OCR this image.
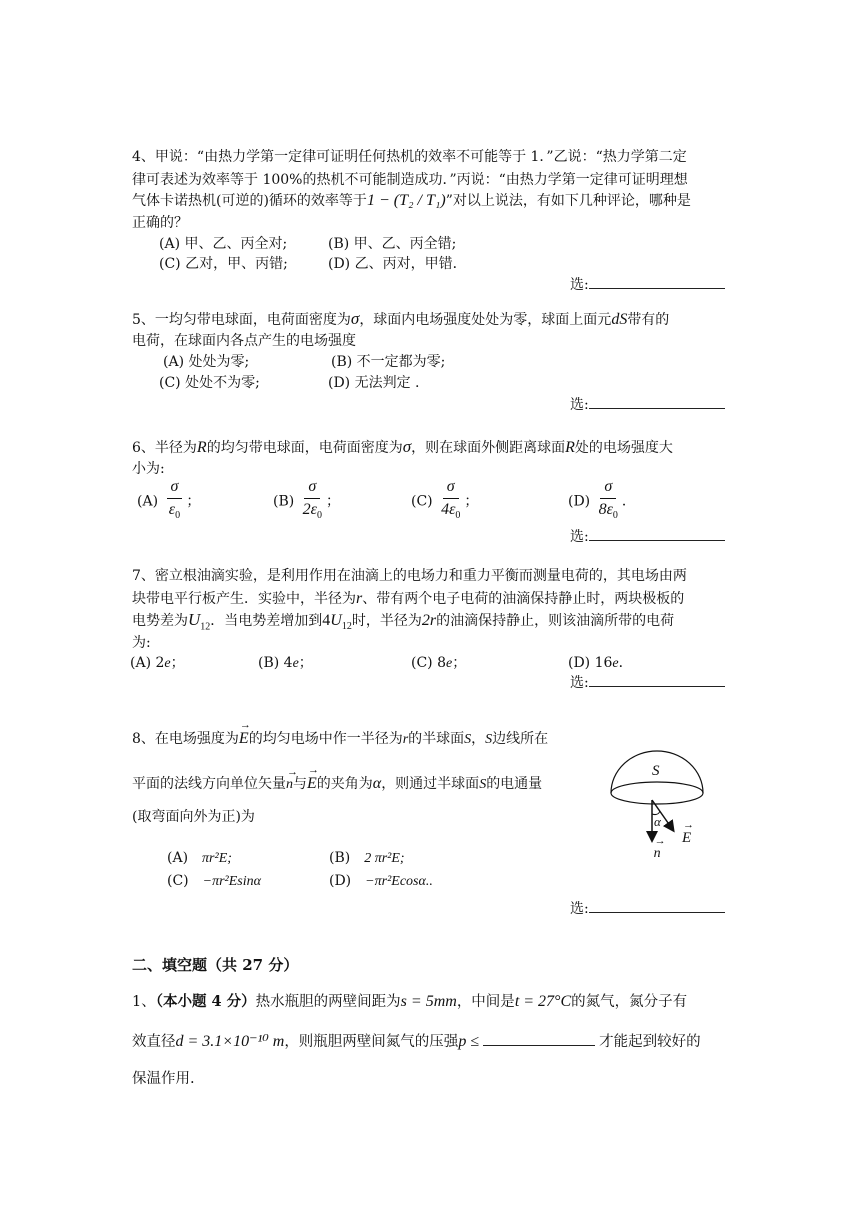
4、甲说：“由热力学第一定律可证明任何热机的效率不可能等于 1．”乙说：“热力学第二定
律可表述为效率等于 100%的热机不可能制造成功．”丙说：“由热力学第一定律可证明理想
气体卡诺热机(可逆的)循环的效率等于1 − (T₂ / T₁)”对以上说法，有如下几种评论，哪种是
正确的？
(A) 甲、乙、丙全对;	(B) 甲、乙、丙全错;
(C) 乙对，甲、丙错;	(D) 乙、丙对，甲错．
选:
5、一均匀带电球面，电荷面密度为σ，球面内电场强度处处为零，球面上面元dS带有的
电荷，在球面内各点产生的电场强度
(A) 处处为零;	(B) 不一定都为零;
(C) 处处不为零;	(D) 无法判定 .
选:
6、半径为R的均匀带电球面，电荷面密度为σ，则在球面外侧距离球面R处的电场强度大
小为:
$(A) \frac{\sigma}{\varepsilon_0}$ ；	$(B) \frac{\sigma}{2\varepsilon_0}$ ；	$(C) \frac{\sigma}{4\varepsilon_0}$ ；	$(D) \frac{\sigma}{8\varepsilon_0}$ ．
选:
7、密立根油滴实验，是利用作用在油滴上的电场力和重力平衡而测量电荷的，其电场由两
块带电平行板产生．实验中，半径为r、带有两个电子电荷的油滴保持静止时，两块极板的
电势差为$U_{12}$．当电势差增加到$4U_{12}$时，半径为2r的油滴保持静止，则该油滴所带的电荷
为:
(A) 2e；	(B) 4e；	(C) 8e；	(D) 16e．
选:
8、在电场强度为→ E的均匀电场中作一半径为r的半球面S，S边线所在
平面的法线方向单位矢量→ n与→ E的夹角为α，则通过半球面S的电通量
(取弯面向外为正)为
(A) πr²E;	(B) 2 πr²E;
(C) −πr²Esinα	(D) −πr²Ecosα..
S
α
→ E → n
选:
二、填空题（共 27 分）
1、（本小题 4 分）热水瓶胆的两壁间距为s = 5mm，中间是t = 27°C的氮气，氮分子有
效直径d = 3.1×10⁻¹⁰ m，则瓶胆两壁间氮气的压强p ≤	才能起到较好的
保温作用.
